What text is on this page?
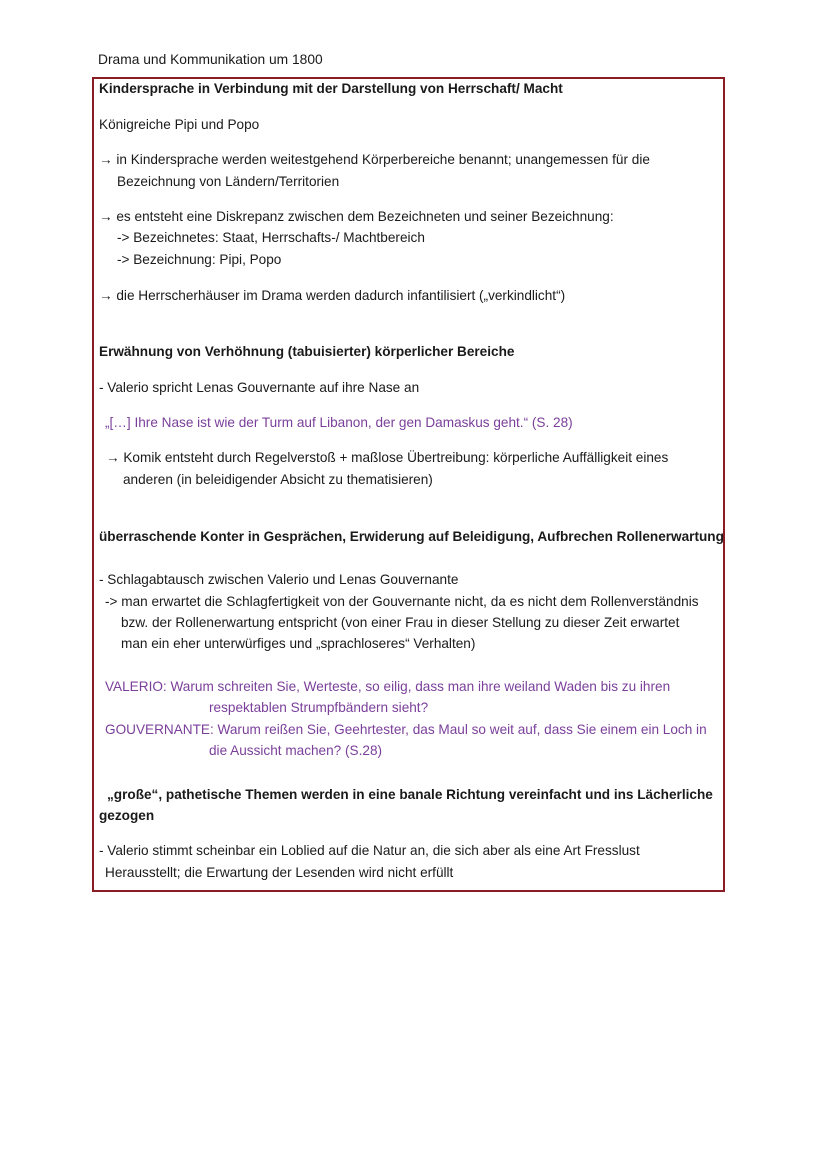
Drama und Kommunikation um 1800
Kindersprache in Verbindung mit der Darstellung von Herrschaft/ Macht
Königreiche Pipi und Popo
→ in Kindersprache werden weitestgehend Körperbereiche benannt; unangemessen für die
Bezeichnung von Ländern/Territorien
→ es entsteht eine Diskrepanz zwischen dem Bezeichneten und seiner Bezeichnung:
-> Bezeichnetes: Staat, Herrschafts-/ Machtbereich
-> Bezeichnung: Pipi, Popo
→ die Herrscherhäuser im Drama werden dadurch infantilisiert („verkindlicht“)
Erwähnung von Verhöhnung (tabuisierter) körperlicher Bereiche
- Valerio spricht Lenas Gouvernante auf ihre Nase an
„[…] Ihre Nase ist wie der Turm auf Libanon, der gen Damaskus geht.“ (S. 28)
→ Komik entsteht durch Regelverstoß + maßlose Übertreibung: körperliche Auffälligkeit eines
anderen (in beleidigender Absicht zu thematisieren)
überraschende Konter in Gesprächen, Erwiderung auf Beleidigung, Aufbrechen Rollenerwartung
- Schlagabtausch zwischen Valerio und Lenas Gouvernante
-> man erwartet die Schlagfertigkeit von der Gouvernante nicht, da es nicht dem Rollenverständnis
bzw. der Rollenerwartung entspricht (von einer Frau in dieser Stellung zu dieser Zeit erwartet
man ein eher unterwürfiges und „sprachloseres“ Verhalten)
VALERIO: Warum schreiten Sie, Werteste, so eilig, dass man ihre weiland Waden bis zu ihren
respektablen Strumpfbändern sieht?
GOUVERNANTE: Warum reißen Sie, Geehrtester, das Maul so weit auf, dass Sie einem ein Loch in
die Aussicht machen? (S.28)
„große“, pathetische Themen werden in eine banale Richtung vereinfacht und ins Lächerliche
gezogen
- Valerio stimmt scheinbar ein Loblied auf die Natur an, die sich aber als eine Art Fresslust
Herausstellt; die Erwartung der Lesenden wird nicht erfüllt
